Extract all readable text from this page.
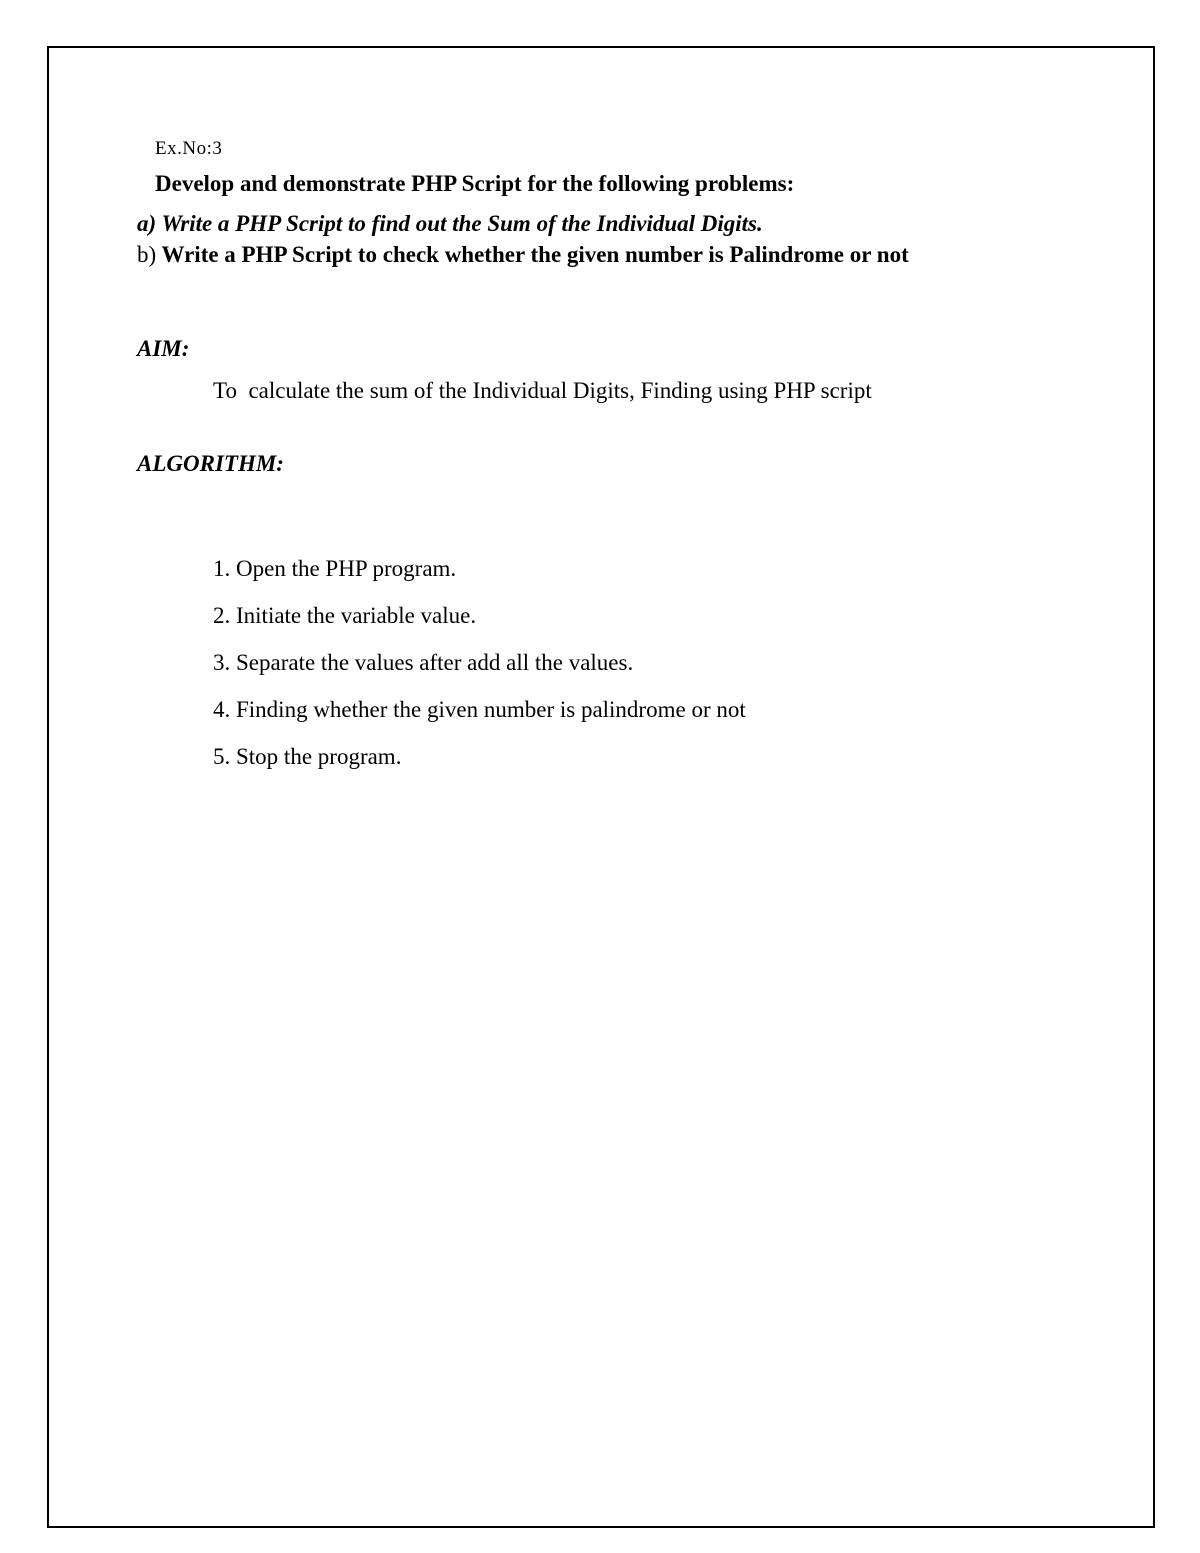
Ex.No:3
Develop and demonstrate PHP Script for the following problems:
a) Write a PHP Script to find out the Sum of the Individual Digits.
b) Write a PHP Script to check whether the given number is Palindrome or not
AIM:
To  calculate the sum of the Individual Digits, Finding using PHP script
ALGORITHM:
1. Open the PHP program.
2. Initiate the variable value.
3. Separate the values after add all the values.
4. Finding whether the given number is palindrome or not
5. Stop the program.
